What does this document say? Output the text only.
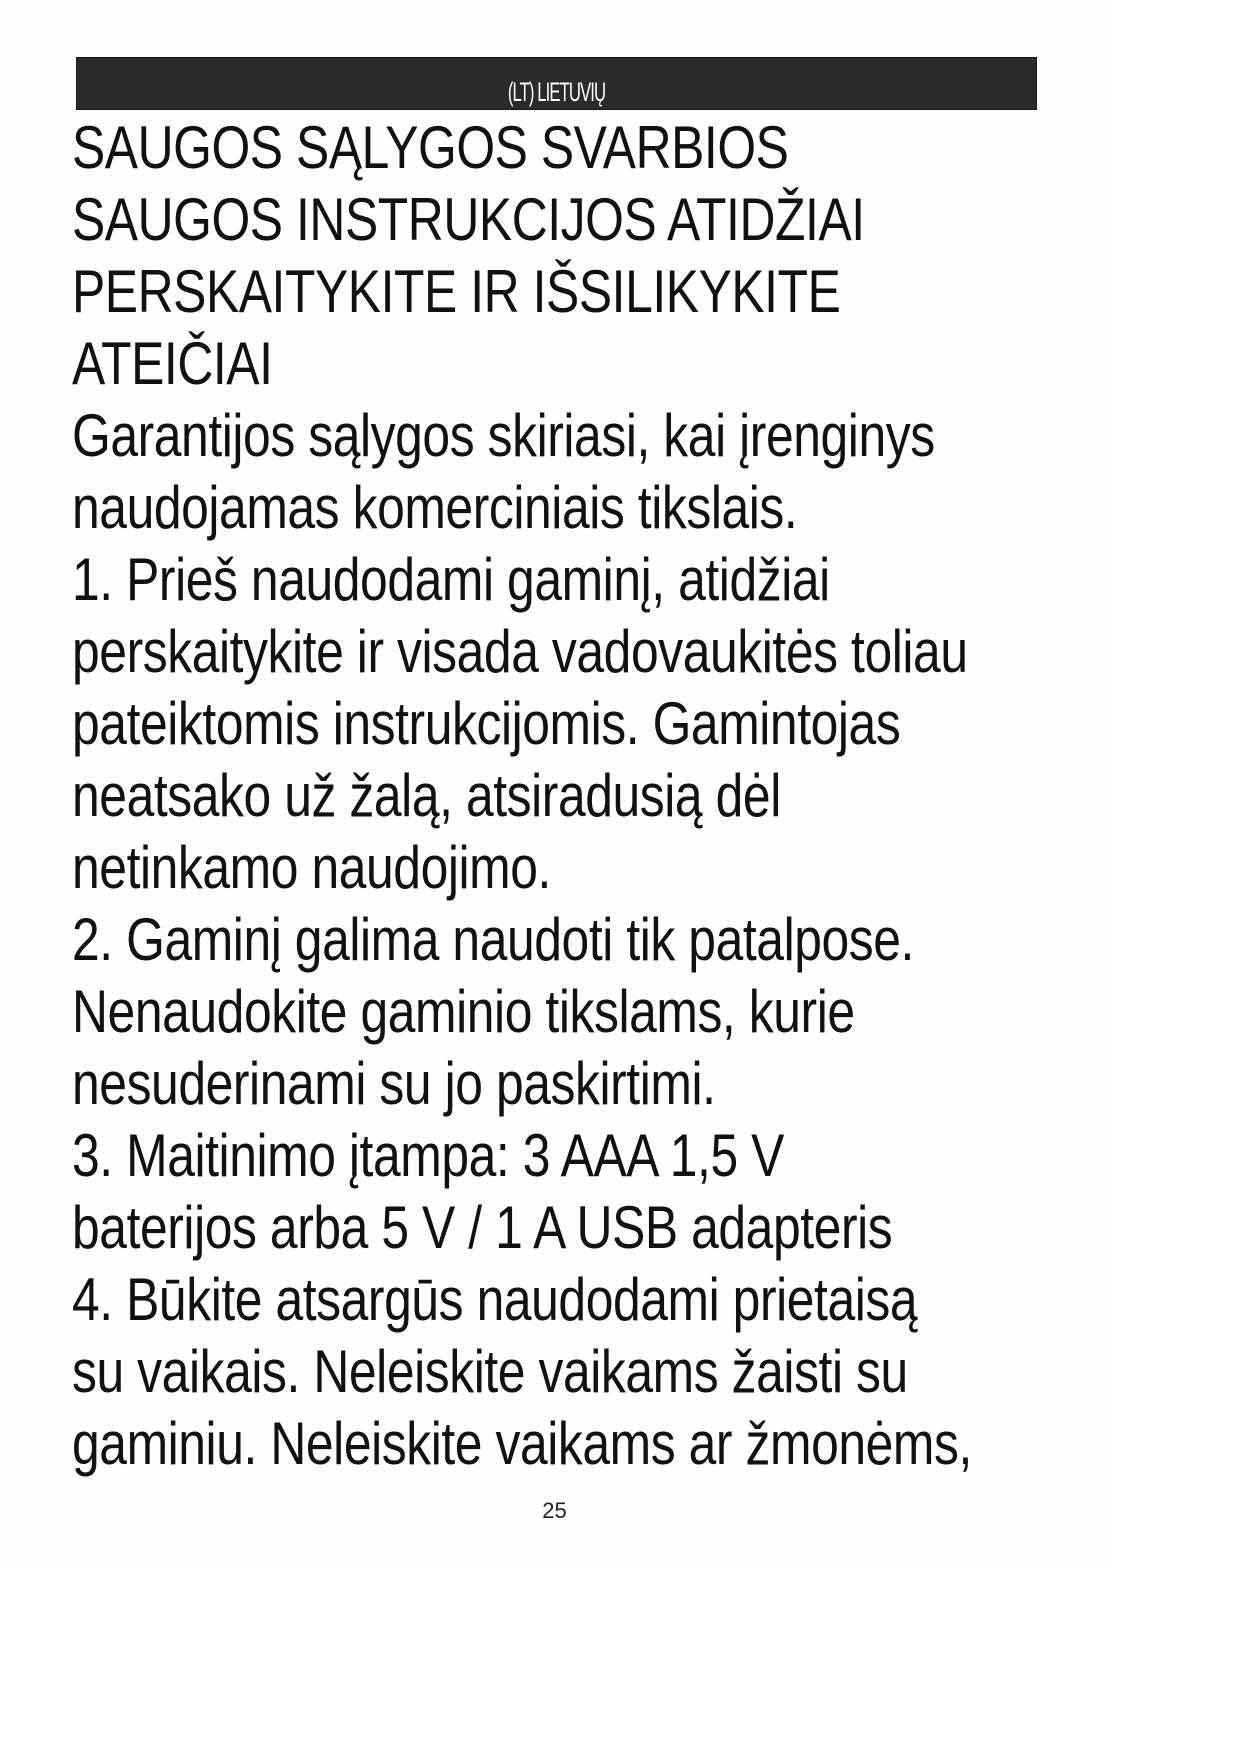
(LT) LIETUVIŲ
SAUGOS SĄLYGOS SVARBIOS
SAUGOS INSTRUKCIJOS ATIDŽIAI
PERSKAITYKITE IR IŠSILIKYKITE
ATEIČIAI
Garantijos sąlygos skiriasi, kai įrenginys
naudojamas komerciniais tikslais.
1. Prieš naudodami gaminį, atidžiai
perskaitykite ir visada vadovaukitės toliau
pateiktomis instrukcijomis. Gamintojas
neatsako už žalą, atsiradusią dėl
netinkamo naudojimo.
2. Gaminį galima naudoti tik patalpose.
Nenaudokite gaminio tikslams, kurie
nesuderinami su jo paskirtimi.
3. Maitinimo įtampa: 3 AAA 1,5 V
baterijos arba 5 V / 1 A USB adapteris
4. Būkite atsargūs naudodami prietaisą
su vaikais. Neleiskite vaikams žaisti su
gaminiu. Neleiskite vaikams ar žmonėms,
25
